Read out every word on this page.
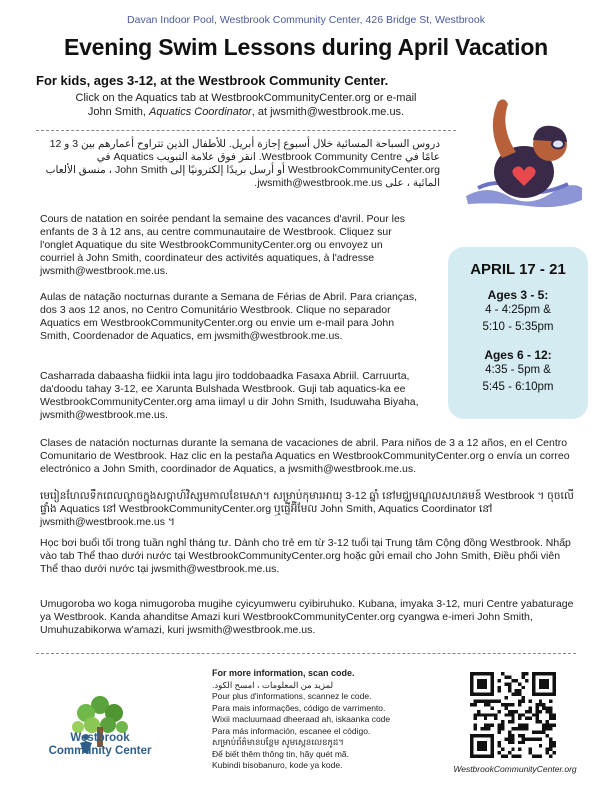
Davan Indoor Pool, Westbrook Community Center, 426 Bridge St, Westbrook
Evening Swim Lessons during April Vacation
For kids, ages 3-12, at the Westbrook Community Center.
Click on the Aquatics tab at WestbrookCommunityCenter.org or e-mail
John Smith, Aquatics Coordinator, at jwsmith@westbrook.me.us.
دروس السباحة المسائية خلال أسبوع إجازة أبريل. للأطفال الذين تتراوح أعمارهم بين 3 و 12 عامًا في Westbrook Community Centre. انقر فوق علامة التبويب Aquatics في WestbrookCommunityCenter.org أو أرسل بريدًا إلكترونيًا إلى John Smith ، منسق الألعاب المائية ، على jwsmith@westbrook.me.us.
Cours de natation en soirée pendant la semaine des vacances d'avril. Pour les enfants de 3 à 12 ans, au centre communautaire de Westbrook. Cliquez sur l'onglet Aquatique du site WestbrookCommunityCenter.org ou envoyez un courriel à John Smith, coordinateur des activités aquatiques, à l'adresse jwsmith@westbrook.me.us.
Aulas de natação nocturnas durante a Semana de Férias de Abril. Para crianças, dos 3 aos 12 anos, no Centro Comunitário Westbrook. Clique no separador Aquatics em WestbrookCommunityCenter.org ou envie um e-mail para John Smith, Coordenador de Aquatics, em jwsmith@westbrook.me.us.
Casharrada dabaasha fiidkii inta lagu jiro toddobaadka Fasaxa Abriil. Carruurta, da'doodu tahay 3-12, ee Xarunta Bulshada Westbrook. Guji tab aquatics-ka ee WestbrookCommunityCenter.org ama iimayl u dir John Smith, Isuduwaha Biyaha, jwsmith@westbrook.me.us.
Clases de natación nocturnas durante la semana de vacaciones de abril. Para niños de 3 a 12 años, en el Centro Comunitario de Westbrook. Haz clic en la pestaña Aquatics en WestbrookCommunityCenter.org o envía un correo electrónico a John Smith, coordinador de Aquatics, a jwsmith@westbrook.me.us.
មេរៀនហែលទឹកពេលល្ងាចក្នុងសប្តាហ៍វិស្សមកាលខែមេសា។ សម្រាប់កុមារអាយុ 3-12 ឆ្នាំ នៅមជ្ឈមណ្ឌលសហគមន៍ Westbrook ។ ចុចលើផ្ទាំង Aquatics នៅ WestbrookCommunityCenter.org ឬផ្ញើអ៊ីមែល John Smith, Aquatics Coordinator នៅ jwsmith@westbrook.me.us ។
Học bơi buổi tối trong tuần nghỉ tháng tư. Dành cho trẻ em từ 3-12 tuổi tại Trung tâm Cộng đồng Westbrook. Nhấp vào tab Thể thao dưới nước tại WestbrookCommunityCenter.org hoặc gửi email cho John Smith, Điều phối viên Thể thao dưới nước tại jwsmith@westbrook.me.us.
Umugoroba wo koga nimugoroba mugihe cyicyumweru cyibiruhuko. Kubana, imyaka 3-12, muri Centre yabaturage ya Westbrook. Kanda ahanditse Amazi kuri WestbrookCommunityCenter.org cyangwa e-imeri John Smith, Umuhuzabikorwa w'amazi, kuri jwsmith@westbrook.me.us.
APRIL 17 - 21
Ages 3 - 5:
4 - 4:25pm &
5:10 - 5:35pm
Ages 6 - 12:
4:35 - 5pm &
5:45 - 6:10pm
Westbrook
Community Center
For more information, scan code.
لمزيد من المعلومات ، امسح الكود.
Pour plus d'informations, scannez le code.
Para mais informações, código de varrimento.
Wixii macluumaad dheeraad ah, iskaanka code
Para más información, escanee el código.
សម្រាប់ព័ត៌មានបន្ថែម សូមស្កេនលេខកូដ។
Để biết thêm thông tin, hãy quét mã.
Kubindi bisobanuro, kode ya kode.	WestbrookCommunityCenter.org
